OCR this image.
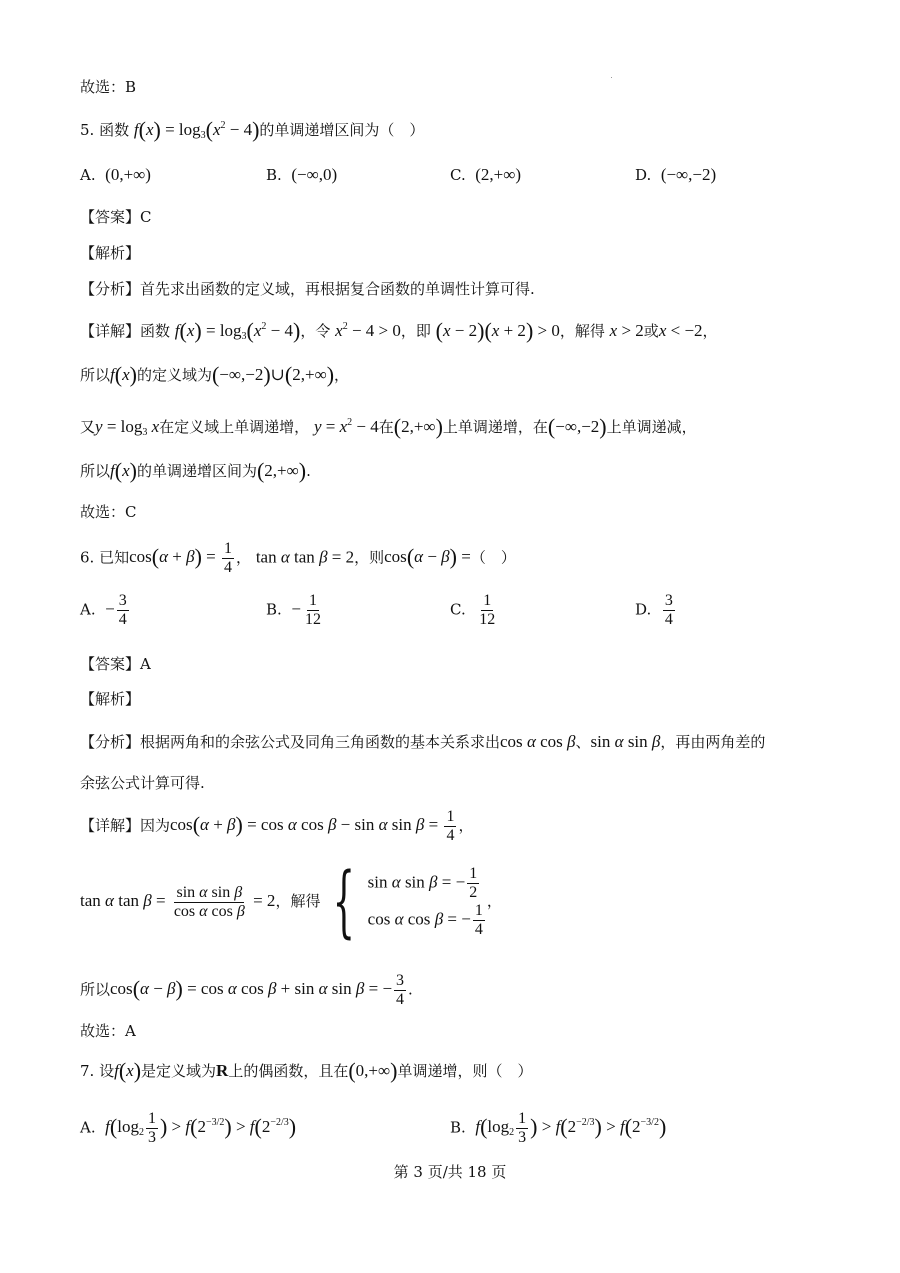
故选：B
5. 函数 $f(x) = \log_3(x^2 - 4)$的单调递增区间为（　）
A. (0,+∞)	B. (−∞,0)	C. (2,+∞)	D. (−∞,−2)
【答案】C
【解析】
【分析】首先求出函数的定义域，再根据复合函数的单调性计算可得.
【详解】函数 $f(x) = \log_3(x^2 - 4)$，令 $x^2 - 4 > 0$，即 (x − 2)(x + 2) > 0，解得 x > 2或x < −2，
所以f(x)的定义域为(−∞,−2)∪(2,+∞)，
又$y = \log_3 x$在定义域上单调递增， $y = x^2 - 4$在(2,+∞)上单调递增，在(−∞,−2)上单调递减，
所以f(x)的单调递增区间为(2,+∞).
故选：C
6. 已知$\cos(\alpha + \beta) = \frac{1}{4}$ ， tan α tan β = 2，则cos(α − β) =（　）
A. − $\frac{3}{4}$	B. − $\frac{1}{12}$	C. $\frac{1}{12}$	D. $\frac{3}{4}$
【答案】A
【解析】
【分析】根据两角和的余弦公式及同角三角函数的基本关系求出cos α cos β、sin α sin β，再由两角差的
余弦公式计算可得.
【详解】因为cos(α + β) = cos α cos β − sin α $\sin \beta = \frac{1}{4}$ ，
tan α $\tan \beta = \frac{\text{sin α sin β}}{\text{cos α cos β}} = 2$，解得 { sin α sin β = − $\frac{1}{2}$
cos α cos β = − $\frac{1}{4}$
，
所以cos(α − β) = cos α cos β + sin α sin β = − $\frac{3}{4}$ .
故选：A
7. 设f(x)是定义域为R上的偶函数，且在(0,+∞)单调递增，则（　）
A. $f(\log_2 \frac{1}{3}$ ) > $f(2^{-3/2}) > f(2^{-2/3})$	B. $f(\log_2 \frac{1}{3}$ ) > $f(2^{-2/3}) > f(2^{-3/2})$
第 3 页/共 18 页
